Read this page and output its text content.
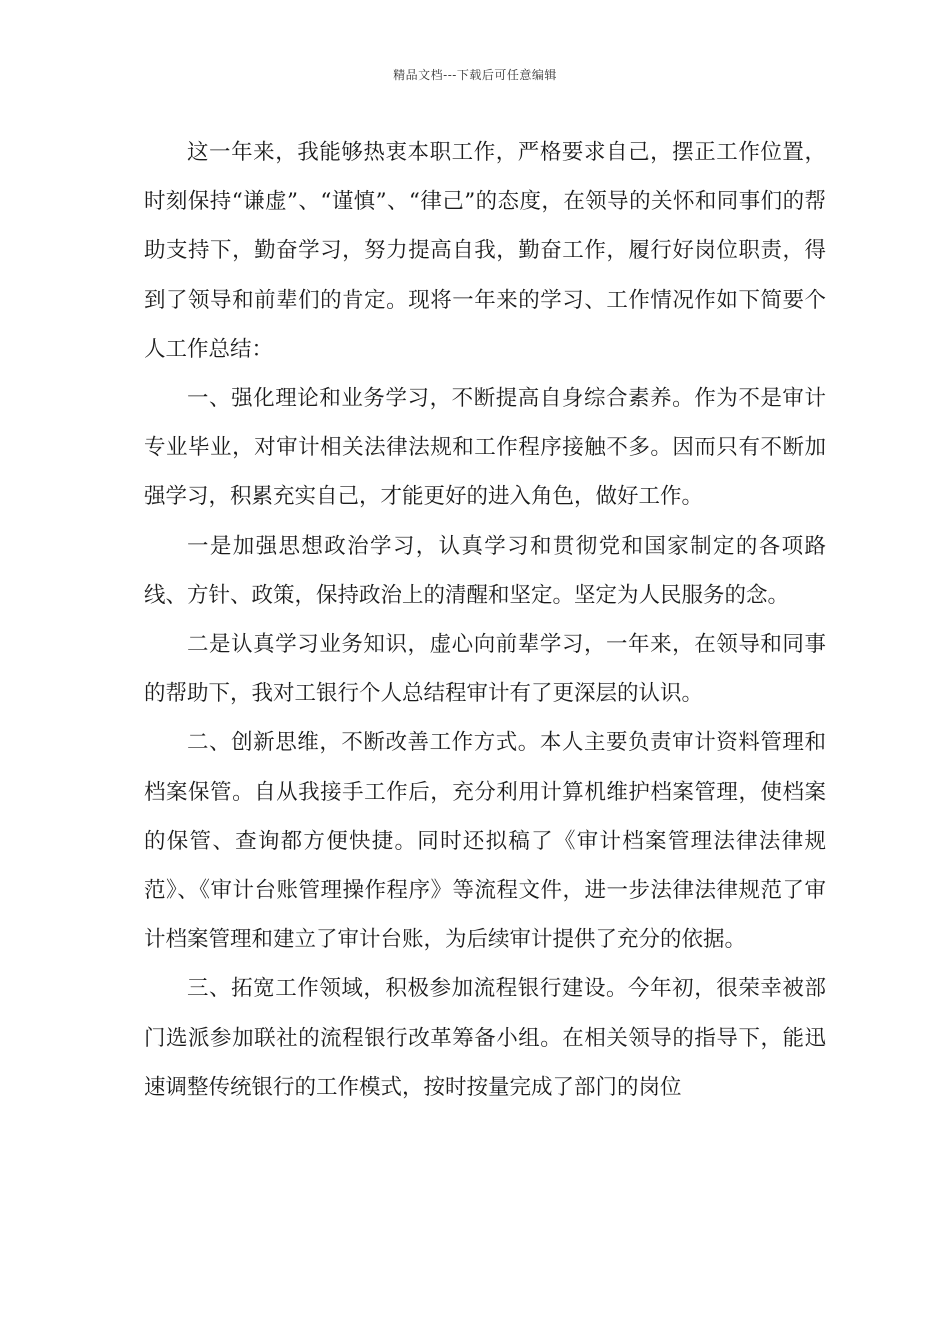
精品文档---下载后可任意编辑

这一年来，我能够热衷本职工作，严格要求自己，摆正工作位置，时刻保持“谦虚”、“谨慎”、“律己”的态度，在领导的关怀和同事们的帮助支持下，勤奋学习，努力提高自我，勤奋工作，履行好岗位职责，得到了领导和前辈们的肯定。现将一年来的学习、工作情况作如下简要个人工作总结：

一、强化理论和业务学习，不断提高自身综合素养。作为不是审计专业毕业，对审计相关法律法规和工作程序接触不多。因而只有不断加强学习，积累充实自己，才能更好的进入角色，做好工作。

一是加强思想政治学习，认真学习和贯彻党和国家制定的各项路线、方针、政策，保持政治上的清醒和坚定。坚定为人民服务的念。

二是认真学习业务知识，虚心向前辈学习，一年来，在领导和同事的帮助下，我对工银行个人总结程审计有了更深层的认识。

二、创新思维，不断改善工作方式。本人主要负责审计资料管理和档案保管。自从我接手工作后，充分利用计算机维护档案管理，使档案的保管、查询都方便快捷。同时还拟稿了《审计档案管理法律法律规范》、《审计台账管理操作程序》等流程文件，进一步法律法律规范了审计档案管理和建立了审计台账，为后续审计提供了充分的依据。

三、拓宽工作领域，积极参加流程银行建设。今年初，很荣幸被部门选派参加联社的流程银行改革筹备小组。在相关领导的指导下，能迅速调整传统银行的工作模式，按时按量完成了部门的岗位
